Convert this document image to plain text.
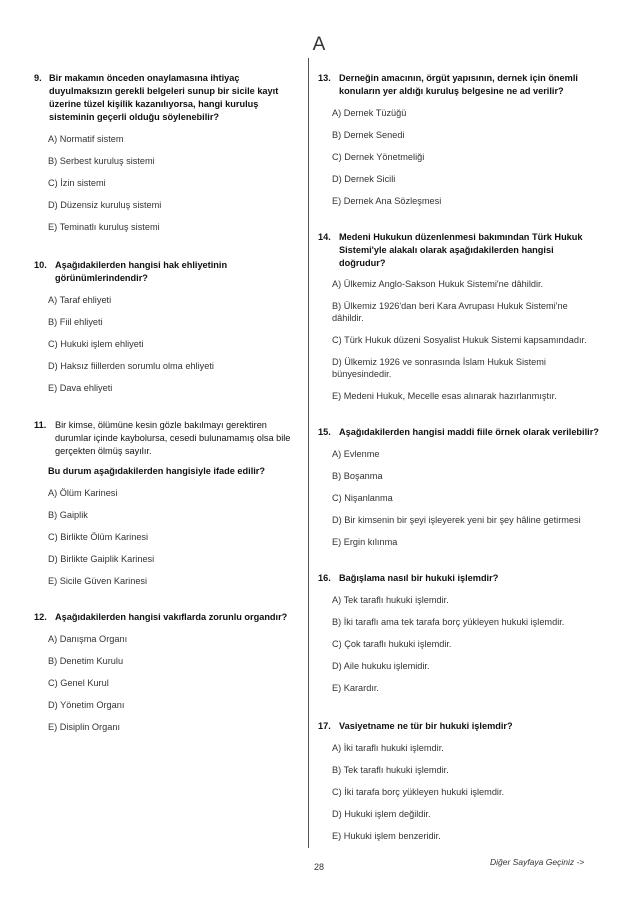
A
9. Bir makamın önceden onaylamasına ihtiyaç duyulmaksızın gerekli belgeleri sunup bir sicile kayıt üzerine tüzel kişilik kazanılıyorsa, hangi kuruluş sisteminin geçerli olduğu söylenebilir?
A) Normatif sistem
B) Serbest kuruluş sistemi
C) İzin sistemi
D) Düzensiz kuruluş sistemi
E) Teminatlı kuruluş sistemi
10. Aşağıdakilerden hangisi hak ehliyetinin görünümlerindendir?
A) Taraf ehliyeti
B) Fiil ehliyeti
C) Hukuki işlem ehliyeti
D) Haksız fiillerden sorumlu olma ehliyeti
E) Dava ehliyeti
11. Bir kimse, ölümüne kesin gözle bakılmayı gerektiren durumlar içinde kaybolursa, cesedi bulunamamış olsa bile gerçekten ölmüş sayılır.
Bu durum aşağıdakilerden hangisiyle ifade edilir?
A) Ölüm Karinesi
B) Gaiplik
C) Birlikte Ölüm Karinesi
D) Birlikte Gaiplik Karinesi
E) Sicile Güven Karinesi
12. Aşağıdakilerden hangisi vakıflarda zorunlu organdır?
A) Danışma Organı
B) Denetim Kurulu
C) Genel Kurul
D) Yönetim Organı
E) Disiplin Organı
13. Derneğin amacının, örgüt yapısının, dernek için önemli konuların yer aldığı kuruluş belgesine ne ad verilir?
A) Dernek Tüzüğü
B) Dernek Senedi
C) Dernek Yönetmeliği
D) Dernek Sicili
E) Dernek Ana Sözleşmesi
14. Medeni Hukukun düzenlenmesi bakımından Türk Hukuk Sistemi'yle alakalı olarak aşağıdakilerden hangisi doğrudur?
A) Ülkemiz Anglo-Sakson Hukuk Sistemi'ne dâhildir.
B) Ülkemiz 1926'dan beri Kara Avrupası Hukuk Sistemi'ne dâhildir.
C) Türk Hukuk düzeni Sosyalist Hukuk Sistemi kapsamındadır.
D) Ülkemiz 1926 ve sonrasında İslam Hukuk Sistemi bünyesindedir.
E) Medeni Hukuk, Mecelle esas alınarak hazırlanmıştır.
15. Aşağıdakilerden hangisi maddi fiile örnek olarak verilebilir?
A) Evlenme
B) Boşanma
C) Nişanlanma
D) Bir kimsenin bir şeyi işleyerek yeni bir şey hâline getirmesi
E) Ergin kılınma
16. Bağışlama nasıl bir hukuki işlemdir?
A) Tek taraflı hukuki işlemdir.
B) İki taraflı ama tek tarafa borç yükleyen hukuki işlemdir.
C) Çok taraflı hukuki işlemdir.
D) Aile hukuku işlemidir.
E) Karardır.
17. Vasiyetname ne tür bir hukuki işlemdir?
A) İki taraflı hukuki işlemdir.
B) Tek taraflı hukuki işlemdir.
C) İki tarafa borç yükleyen hukuki işlemdir.
D) Hukuki işlem değildir.
E) Hukuki işlem benzeridir.
Diğer Sayfaya Geçiniz ->
28
